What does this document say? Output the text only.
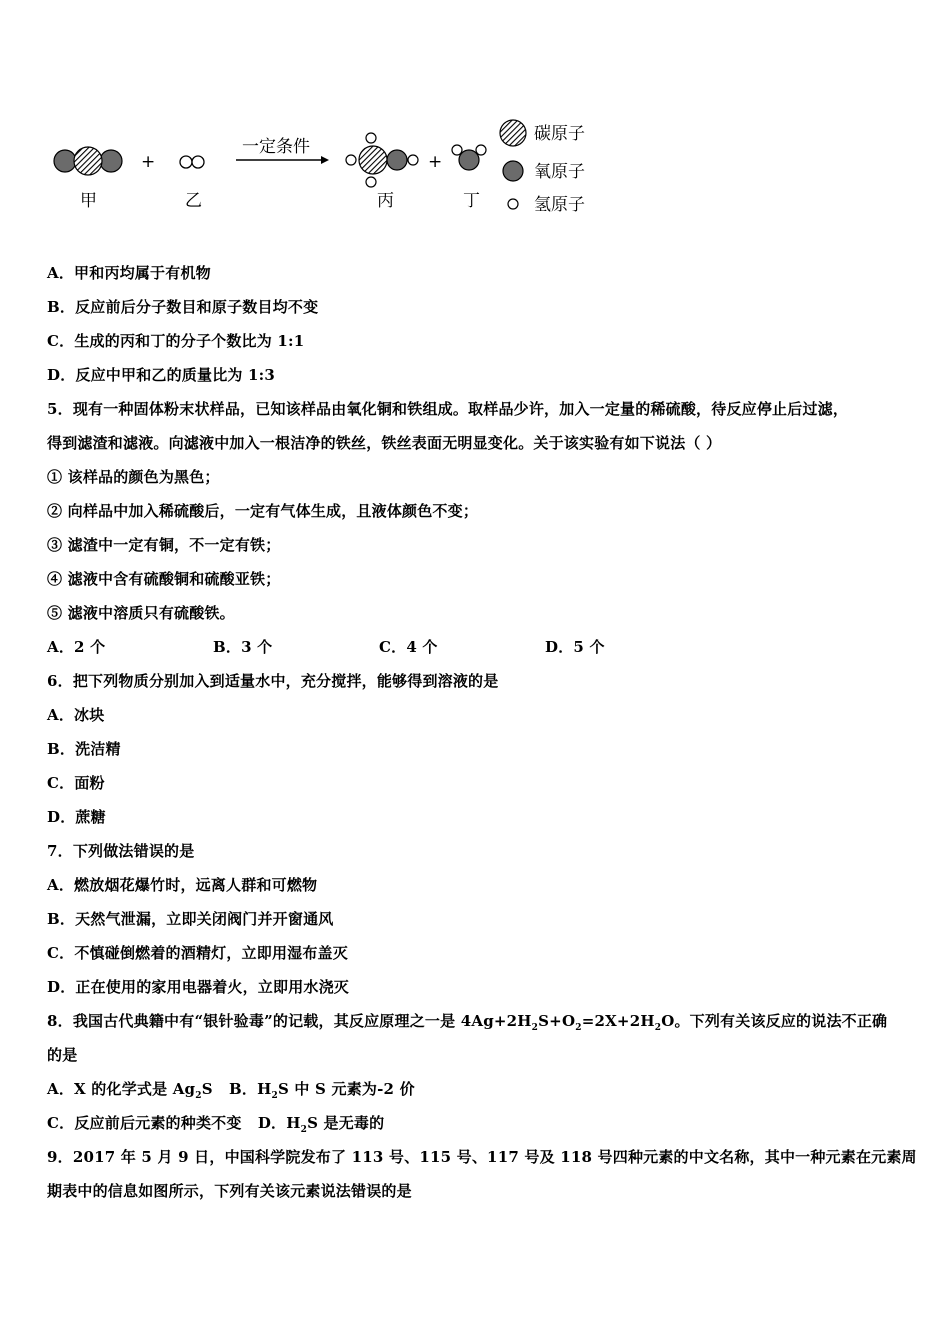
甲
+
乙
一定条件
丙
+
丁
碳原子
氧原子
氢原子
A．甲和丙均属于有机物
B．反应前后分子数目和原子数目均不变
C．生成的丙和丁的分子个数比为 1:1
D．反应中甲和乙的质量比为 1:3
5．现有一种固体粉末状样品，已知该样品由氧化铜和铁组成。取样品少许，加入一定量的稀硫酸，待反应停止后过滤，
得到滤渣和滤液。向滤液中加入一根洁净的铁丝，铁丝表面无明显变化。关于该实验有如下说法（ ）
① 该样品的颜色为黑色；
② 向样品中加入稀硫酸后，一定有气体生成，且液体颜色不变；
③ 滤渣中一定有铜，不一定有铁；
④ 滤液中含有硫酸铜和硫酸亚铁；
⑤ 滤液中溶质只有硫酸铁。
A．2 个	B．3 个	C．4 个	D．5 个
6．把下列物质分别加入到适量水中，充分搅拌，能够得到溶液的是
A．冰块
B．洗洁精
C．面粉
D．蔗糖
7．下列做法错误的是
A．燃放烟花爆竹时，远离人群和可燃物
B．天然气泄漏，立即关闭阀门并开窗通风
C．不慎碰倒燃着的酒精灯，立即用湿布盖灭
D．正在使用的家用电器着火，立即用水浇灭
8．我国古代典籍中有“银针验毒”的记载，其反应原理之一是 $4Ag+2H_2S+O_2=2X+2H_2O$。下列有关该反应的说法不正确
的是
A．X 的化学式是 $Ag_2S$ B．$H_2S$ 中 S 元素为-2 价
C．反应前后元素的种类不变 D．$H_2S$ 是无毒的
9．2017 年 5 月 9 日，中国科学院发布了 113 号、115 号、117 号及 118 号四种元素的中文名称，其中一种元素在元素周
期表中的信息如图所示，下列有关该元素说法错误的是
